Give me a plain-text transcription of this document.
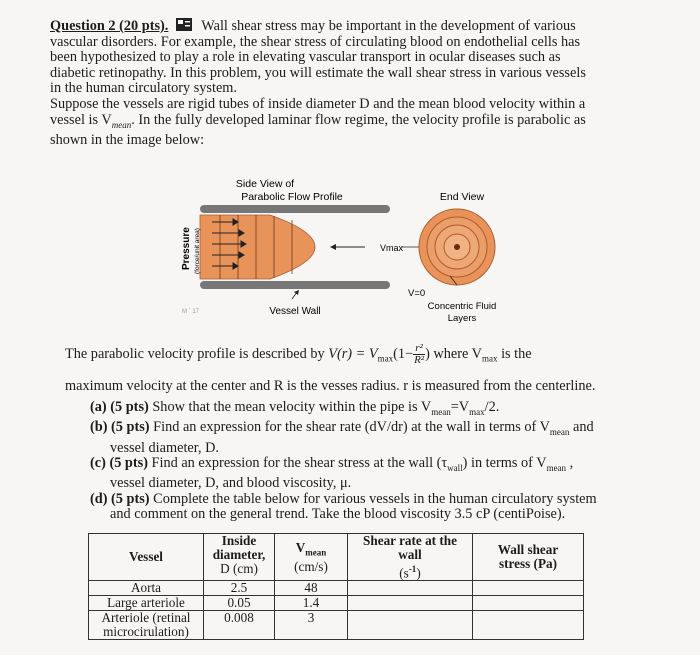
Question 2 (20 pts). Wall shear stress may be important in the development of various
vascular disorders. For example, the shear stress of circulating blood on endothelial cells has
been hypothesized to play a role in elevating vascular transport in ocular diseases such as
diabetic retinopathy. In this problem, you will estimate the wall shear stress in various vessels
in the human circulatory system.
Suppose the vessels are rigid tubes of inside diameter D and the mean blood velocity within a
vessel is $V_{mean}$. In the fully developed laminar flow regime, the velocity profile is parabolic as
shown in the image below:
Side View of
Parabolic Flow Profile	End View
Pressure (force/unit area)	Vmax
V=0
Concentric Fluid
Layers
Vessel Wall
M ´ 17
The parabolic velocity profile is described by $V(r) = V_{max}(1- \frac{\text{r²}}{\text{R²}}$ ) where $V_{max}$ is the
maximum velocity at the center and R is the vesses radius. r is measured from the centerline.
(a) (5 pts) Show that the mean velocity within the pipe is $V_{mean}=V_{max}/2$.
(b) (5 pts) Find an expression for the shear rate (dV/dr) at the wall in terms of $V_{mean}$ and
vessel diameter, D.
(c) (5 pts) Find an expression for the shear stress at the wall $(\tau_{wall})$ in terms of $V_{mean}$ ,
vessel diameter, D, and blood viscosity, μ.
(d) (5 pts) Complete the table below for various vessels in the human circulatory system
and comment on the general trend. Take the blood viscosity 3.5 cP (centiPoise).
Vessel	Inside
diameter,
D (cm)	$V_{mean}$
(cm/s)	Shear rate at the
wall
$(s^{-1})$	Wall shear
stress (Pa)
Aorta	2.5	48		
Large arteriole	0.05	1.4		
Arteriole (retinal
microcirulation)	0.008	3		
